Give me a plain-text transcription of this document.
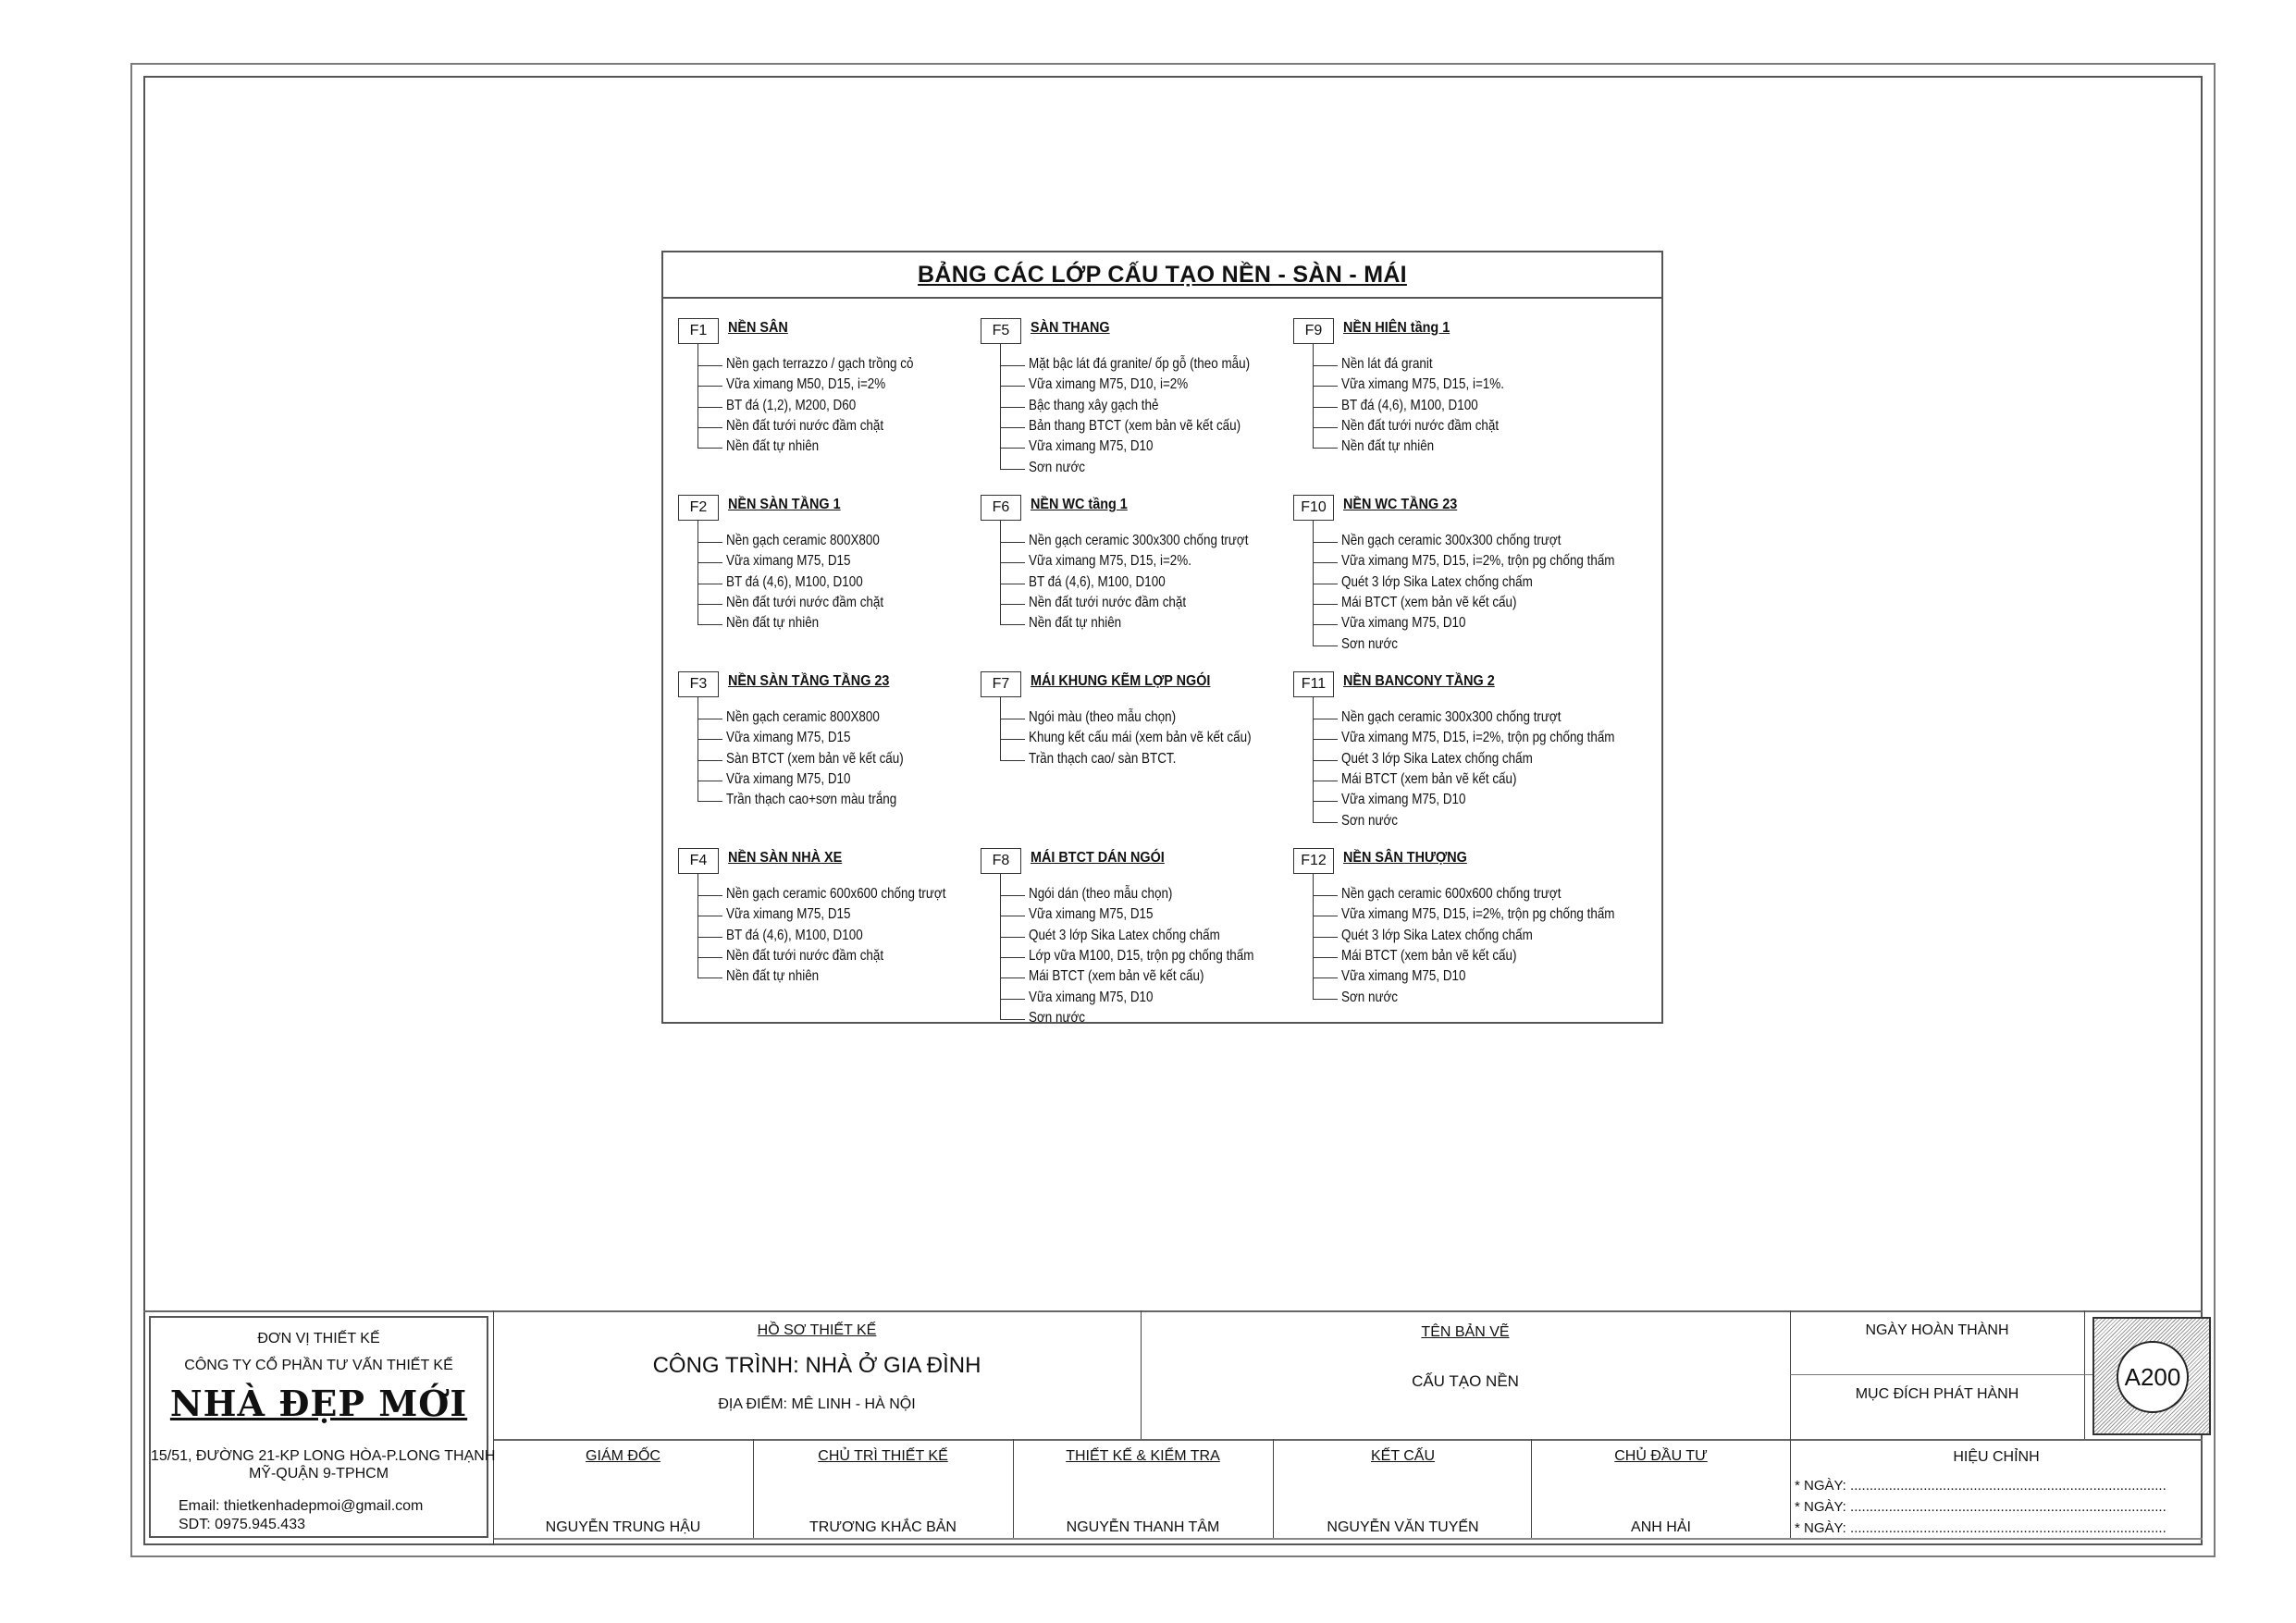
BẢNG CÁC LỚP CẤU TẠO NỀN - SÀN - MÁI
F1	NỀN SÂN
Nền gạch terrazzo / gạch trồng cỏ
Vữa ximang M50, D15, i=2%
BT đá (1,2), M200, D60
Nền đất tưới nước đầm chặt
Nền đất tự nhiên
F2	NỀN SÀN TẦNG 1
Nền gạch ceramic 800X800
Vữa ximang M75, D15
BT đá (4,6), M100, D100
Nền đất tưới nước đầm chặt
Nền đất tự nhiên
F3	NỀN SÀN TẦNG TẦNG 23
Nền gạch ceramic 800X800
Vữa ximang M75, D15
Sàn BTCT (xem bản vẽ kết cấu)
Vữa ximang M75, D10
Trần thạch cao+sơn màu trắng
F4	NỀN SÀN NHÀ XE
Nền gạch ceramic 600x600 chống trượt
Vữa ximang M75, D15
BT đá (4,6), M100, D100
Nền đất tưới nước đầm chặt
Nền đất tự nhiên
F5	SÀN THANG
Mặt bậc lát đá granite/ ốp gỗ (theo mẫu)
Vữa ximang M75, D10, i=2%
Bậc thang xây gạch thẻ
Bản thang BTCT (xem bản vẽ kết cấu)
Vữa ximang M75, D10
Sơn nước
F6	NỀN WC tầng 1
Nền gạch ceramic 300x300 chống trượt
Vữa ximang M75, D15, i=2%.
BT đá (4,6), M100, D100
Nền đất tưới nước đầm chặt
Nền đất tự nhiên
F7	MÁI KHUNG KẼM LỢP NGÓI
Ngói màu (theo mẫu chọn)
Khung kết cấu mái (xem bản vẽ kết cấu)
Trần thạch cao/ sàn BTCT.
F8	MÁI BTCT DÁN NGÓI
Ngói dán (theo mẫu chọn)
Vữa ximang M75, D15
Quét 3 lớp Sika Latex chống chấm
Lớp vữa M100, D15, trộn pg chống thấm
Mái BTCT (xem bản vẽ kết cấu)
Vữa ximang M75, D10
Sơn nước
F9	NỀN HIÊN tầng 1
Nền lát đá granit
Vữa ximang M75, D15, i=1%.
BT đá (4,6), M100, D100
Nền đất tưới nước đầm chặt
Nền đất tự nhiên
F10	NỀN WC TẦNG 23
Nền gạch ceramic 300x300 chống trượt
Vữa ximang M75, D15, i=2%, trộn pg chống thấm
Quét 3 lớp Sika Latex chống chấm
Mái BTCT (xem bản vẽ kết cấu)
Vữa ximang M75, D10
Sơn nước
F11	NỀN BANCONY TẦNG 2
Nền gạch ceramic 300x300 chống trượt
Vữa ximang M75, D15, i=2%, trộn pg chống thấm
Quét 3 lớp Sika Latex chống chấm
Mái BTCT (xem bản vẽ kết cấu)
Vữa ximang M75, D10
Sơn nước
F12	NỀN SÂN THƯỢNG
Nền gạch ceramic 600x600 chống trượt
Vữa ximang M75, D15, i=2%, trộn pg chống thấm
Quét 3 lớp Sika Latex chống chấm
Mái BTCT (xem bản vẽ kết cấu)
Vữa ximang M75, D10
Sơn nước
ĐƠN VỊ THIẾT KẾ
CÔNG TY CỔ PHẦN TƯ VẤN THIẾT KẾ
NHÀ ĐẸP MỚI
15/51, ĐƯỜNG 21-KP LONG HÒA-P.LONG THẠNH
MỸ-QUẬN 9-TPHCM
Email: thietkenhadepmoi@gmail.com
SDT: 0975.945.433
HỒ SƠ THIẾT KẾ
CÔNG TRÌNH: NHÀ Ở GIA ĐÌNH
ĐỊA ĐIỂM: MÊ LINH - HÀ NỘI
TÊN BẢN VẼ
CẤU TẠO NỀN
NGÀY HOÀN THÀNH
MỤC ĐÍCH PHÁT HÀNH
A200
GIÁM ĐỐC
NGUYỄN TRUNG HẬU
CHỦ TRÌ THIẾT KẾ
TRƯƠNG KHẮC BẢN
THIẾT KẾ & KIỂM TRA
NGUYỄN THANH TÂM
KẾT CẤU
NGUYỄN VĂN TUYẾN
CHỦ ĐẦU TƯ
ANH HẢI
HIỆU CHỈNH
* NGÀY: ..................................................................................
* NGÀY: ..................................................................................
* NGÀY: ..................................................................................
